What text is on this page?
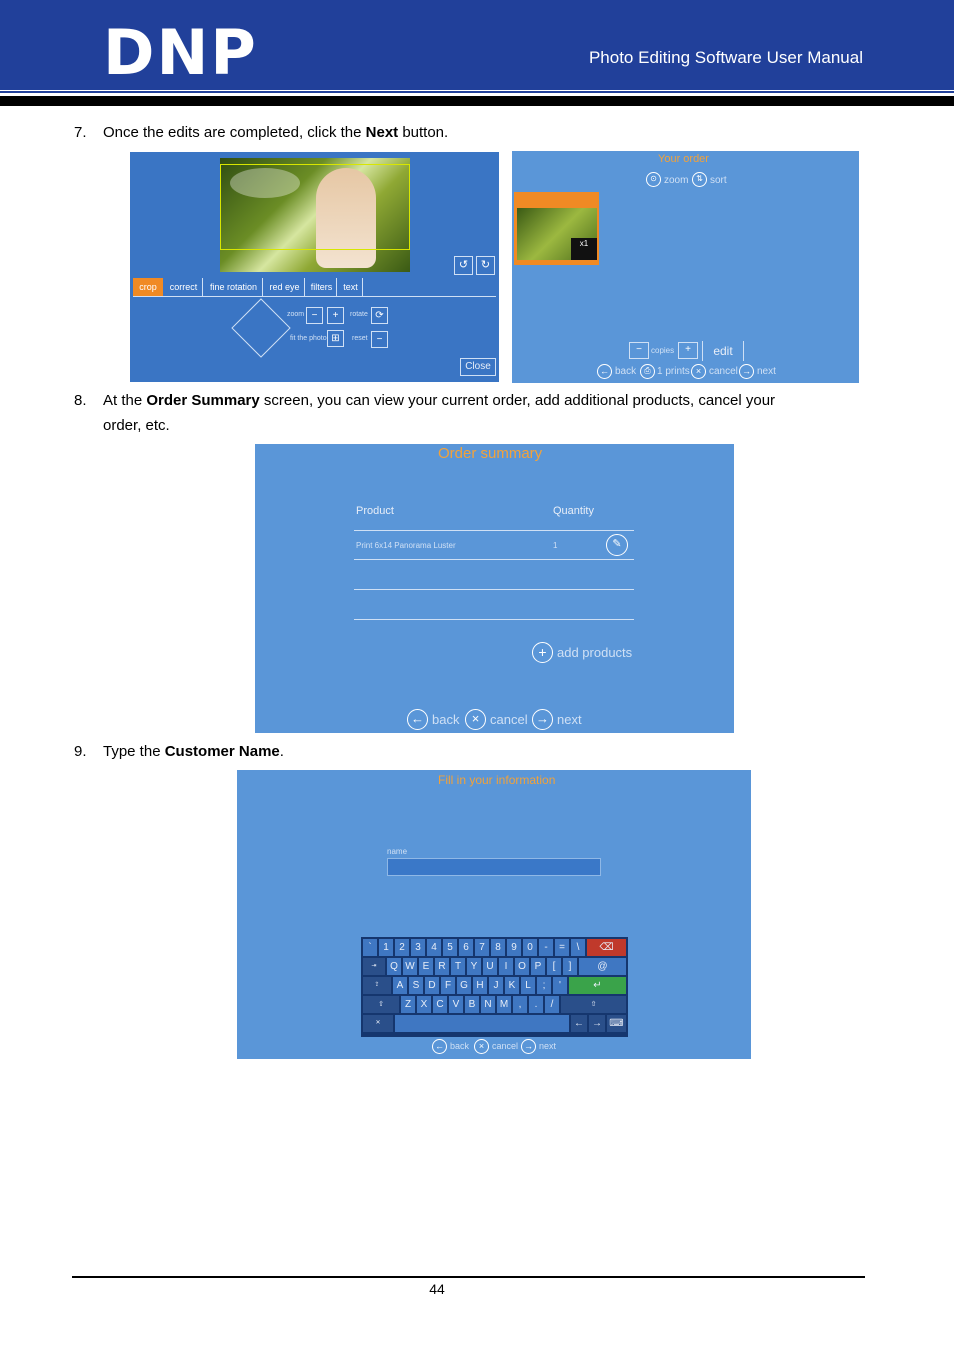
DNP	Photo Editing Software User Manual
7. Once the edits are completed, click the Next button.
↺	↻
crop	correct	fine rotation	red eye	filters	text
zoom −	+	rotate ⟳
fit the photo ⊞	reset −
Close
Your order
⊙ zoom ⇅ sort
x1
−	copies	+	edit
← back	⎙ 1 prints × cancel → next
8. At the Order Summary screen, you can view your current order, add additional products, cancel your
order, etc.
Order summary
Product	Quantity
Print 6x14 Panorama Luster	1	✎
+ add products
← back × cancel → next
9. Type the Customer Name.
Fill in your information
name
`	1	2	3	4	5	6	7	8	9	0	-	=	\	⌫
⇥	Q W E R T Y U	I	O P	[	]	@
⇪	A S D F G H J	K L	;	'	↵
⇧	Z X C V B N M	,	.	/	⇧
✕	← → ⌨
← back	× cancel → next
44
